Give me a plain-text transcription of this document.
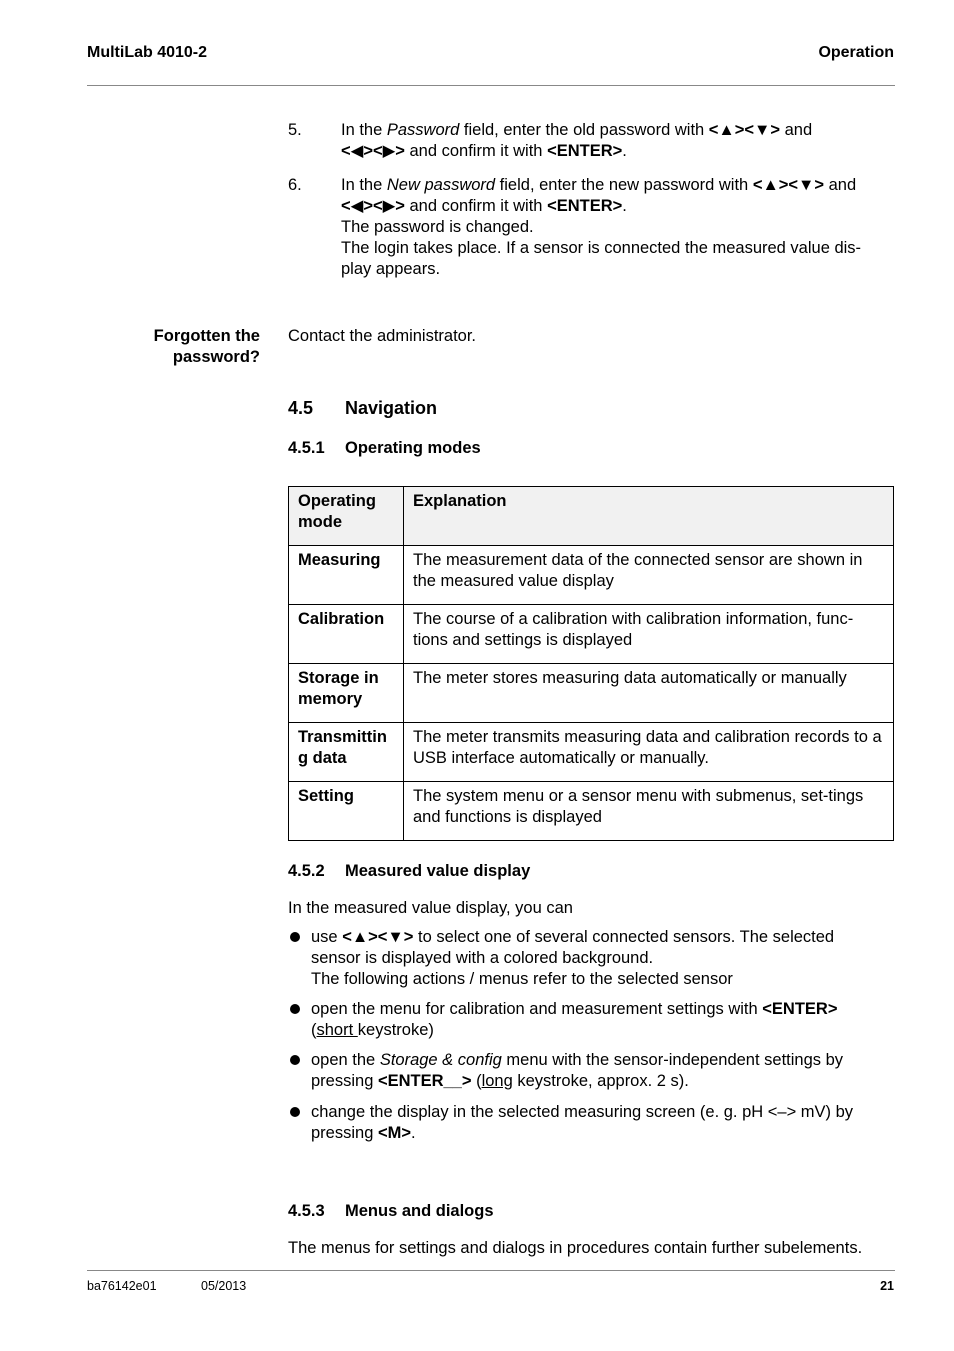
MultiLab 4010-2	Operation
5. In the Password field, enter the old password with <▲><▼> and
<◀><▶> and confirm it with <ENTER>.
6. In the New password field, enter the new password with <▲><▼> and
<◀><▶> and confirm it with <ENTER>.
The password is changed.
The login takes place. If a sensor is connected the measured value dis-
play appears.
Forgotten the
password?
Contact the administrator.
4.5 Navigation
4.5.1 Operating modes
Operating mode	Explanation
Measuring	The measurement data of the connected sensor are shown in the measured value display
Calibration	The course of a calibration with calibration information, func-tions and settings is displayed
Storage in memory	The meter stores measuring data automatically or manually
Transmittin g data	The meter transmits measuring data and calibration records to a USB interface automatically or manually.
Setting	The system menu or a sensor menu with submenus, set-tings and functions is displayed
4.5.2 Measured value display
In the measured value display, you can
use <▲><▼> to select one of several connected sensors. The selected
sensor is displayed with a colored background.
The following actions / menus refer to the selected sensor
open the menu for calibration and measurement settings with <ENTER>
(short keystroke)
open the Storage & config menu with the sensor-independent settings by
pressing <ENTER__> (long keystroke, approx. 2 s).
change the display in the selected measuring screen (e. g. pH <–> mV) by
pressing <M>.
4.5.3 Menus and dialogs
The menus for settings and dialogs in procedures contain further subelements.
ba76142e01	05/2013	21
